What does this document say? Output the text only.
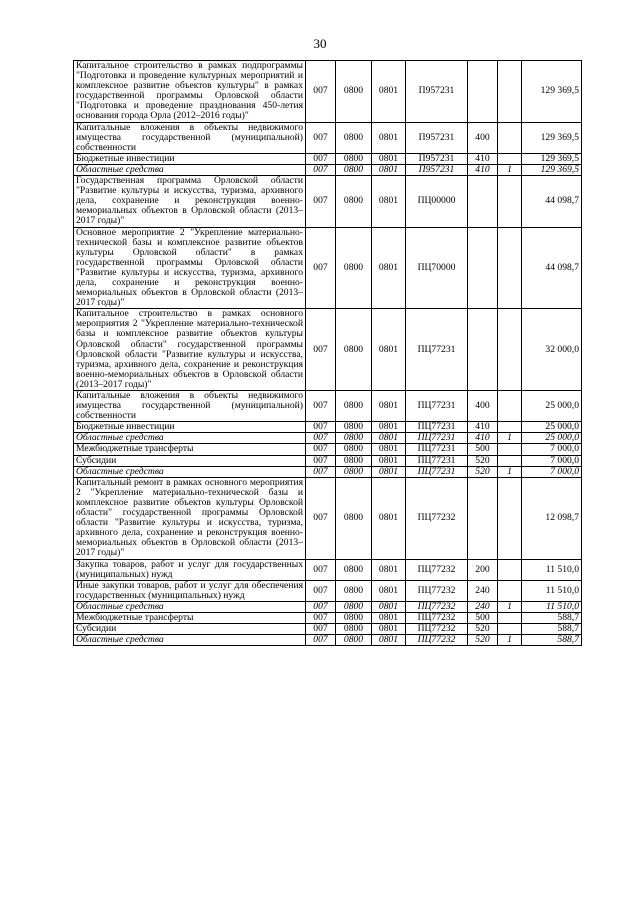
30
Капитальное строительство в рамках подпрограммы "Подготовка и проведение культурных мероприятий и комплексное развитие объектов культуры" в рамках государственной программы Орловской области "Подготовка и проведение празднования 450-летия основания города Орла (2012–2016 годы)"	007	0800	0801	П957231			129 369,5
Капитальные вложения в объекты недвижимого имущества государственной (муниципальной) собственности	007	0800	0801	П957231	400		129 369,5
Бюджетные инвестиции	007	0800	0801	П957231	410		129 369,5
Областные средства	007	0800	0801	П957231	410	1	129 369,5
Государственная программа Орловской области "Развитие культуры и искусства, туризма, архивного дела, сохранение и реконструкция военно-мемориальных объектов в Орловской области (2013–2017 годы)"	007	0800	0801	ПЦ00000			44 098,7
Основное мероприятие 2 "Укрепление материально-технической базы и комплексное развитие объектов культуры Орловской области" в рамках государственной программы Орловской области "Развитие культуры и искусства, туризма, архивного дела, сохранение и реконструкция военно-мемориальных объектов в Орловской области (2013–2017 годы)"	007	0800	0801	ПЦ70000			44 098,7
Капитальное строительство в рамках основного мероприятия 2 "Укрепление материально-технической базы и комплексное развитие объектов культуры Орловской области" государственной программы Орловской области "Развитие культуры и искусства, туризма, архивного дела, сохранение и реконструкция военно-мемориальных объектов в Орловской области (2013–2017 годы)"	007	0800	0801	ПЦ77231			32 000,0
Капитальные вложения в объекты недвижимого имущества государственной (муниципальной) собственности	007	0800	0801	ПЦ77231	400		25 000,0
Бюджетные инвестиции	007	0800	0801	ПЦ77231	410		25 000,0
Областные средства	007	0800	0801	ПЦ77231	410	1	25 000,0
Межбюджетные трансферты	007	0800	0801	ПЦ77231	500		7 000,0
Субсидии	007	0800	0801	ПЦ77231	520		7 000,0
Областные средства	007	0800	0801	ПЦ77231	520	1	7 000,0
Капитальный ремонт в рамках основного мероприятия 2 "Укрепление материально-технической базы и комплексное развитие объектов культуры Орловской области" государственной программы Орловской области "Развитие культуры и искусства, туризма, архивного дела, сохранение и реконструкция военно-мемориальных объектов в Орловской области (2013–2017 годы)"	007	0800	0801	ПЦ77232			12 098,7
Закупка товаров, работ и услуг для государственных (муниципальных) нужд	007	0800	0801	ПЦ77232	200		11 510,0
Иные закупки товаров, работ и услуг для обеспечения государственных (муниципальных) нужд	007	0800	0801	ПЦ77232	240		11 510,0
Областные средства	007	0800	0801	ПЦ77232	240	1	11 510,0
Межбюджетные трансферты	007	0800	0801	ПЦ77232	500		588,7
Субсидии	007	0800	0801	ПЦ77232	520		588,7
Областные средства	007	0800	0801	ПЦ77232	520	1	588,7
